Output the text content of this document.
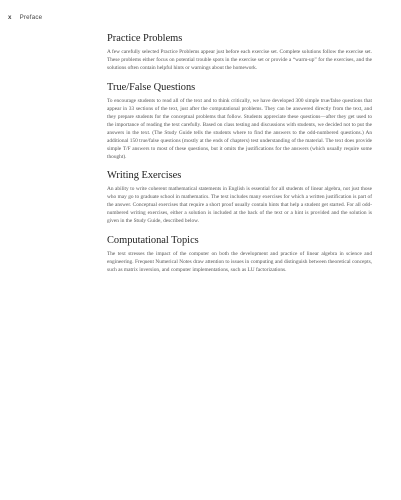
x Preface
Practice Problems

A few carefully selected Practice Problems appear just before each exercise set. Complete solutions follow the exercise set. These problems either focus on potential trouble spots in the exercise set or provide a “warm-up” for the exercises, and the solutions often contain helpful hints or warnings about the homework.

True/False Questions

To encourage students to read all of the text and to think critically, we have developed 300 simple true/false questions that appear in 33 sections of the text, just after the computational problems. They can be answered directly from the text, and they prepare students for the conceptual problems that follow. Students appreciate these questions—after they get used to the importance of reading the text carefully. Based on class testing and discussions with students, we decided not to put the answers in the text. (The Study Guide tells the students where to find the answers to the odd-numbered questions.) An additional 150 true/false questions (mostly at the ends of chapters) test understanding of the material. The text does provide simple T/F answers to most of these questions, but it omits the justifications for the answers (which usually require some thought).

Writing Exercises

An ability to write coherent mathematical statements in English is essential for all students of linear algebra, not just those who may go to graduate school in mathematics. The text includes many exercises for which a written justification is part of the answer. Conceptual exercises that require a short proof usually contain hints that help a student get started. For all odd-numbered writing exercises, either a solution is included at the back of the text or a hint is provided and the solution is given in the Study Guide, described below.

Computational Topics

The text stresses the impact of the computer on both the development and practice of linear algebra in science and engineering. Frequent Numerical Notes draw attention to issues in computing and distinguish between theoretical concepts, such as matrix inversion, and computer implementations, such as LU factorizations.
